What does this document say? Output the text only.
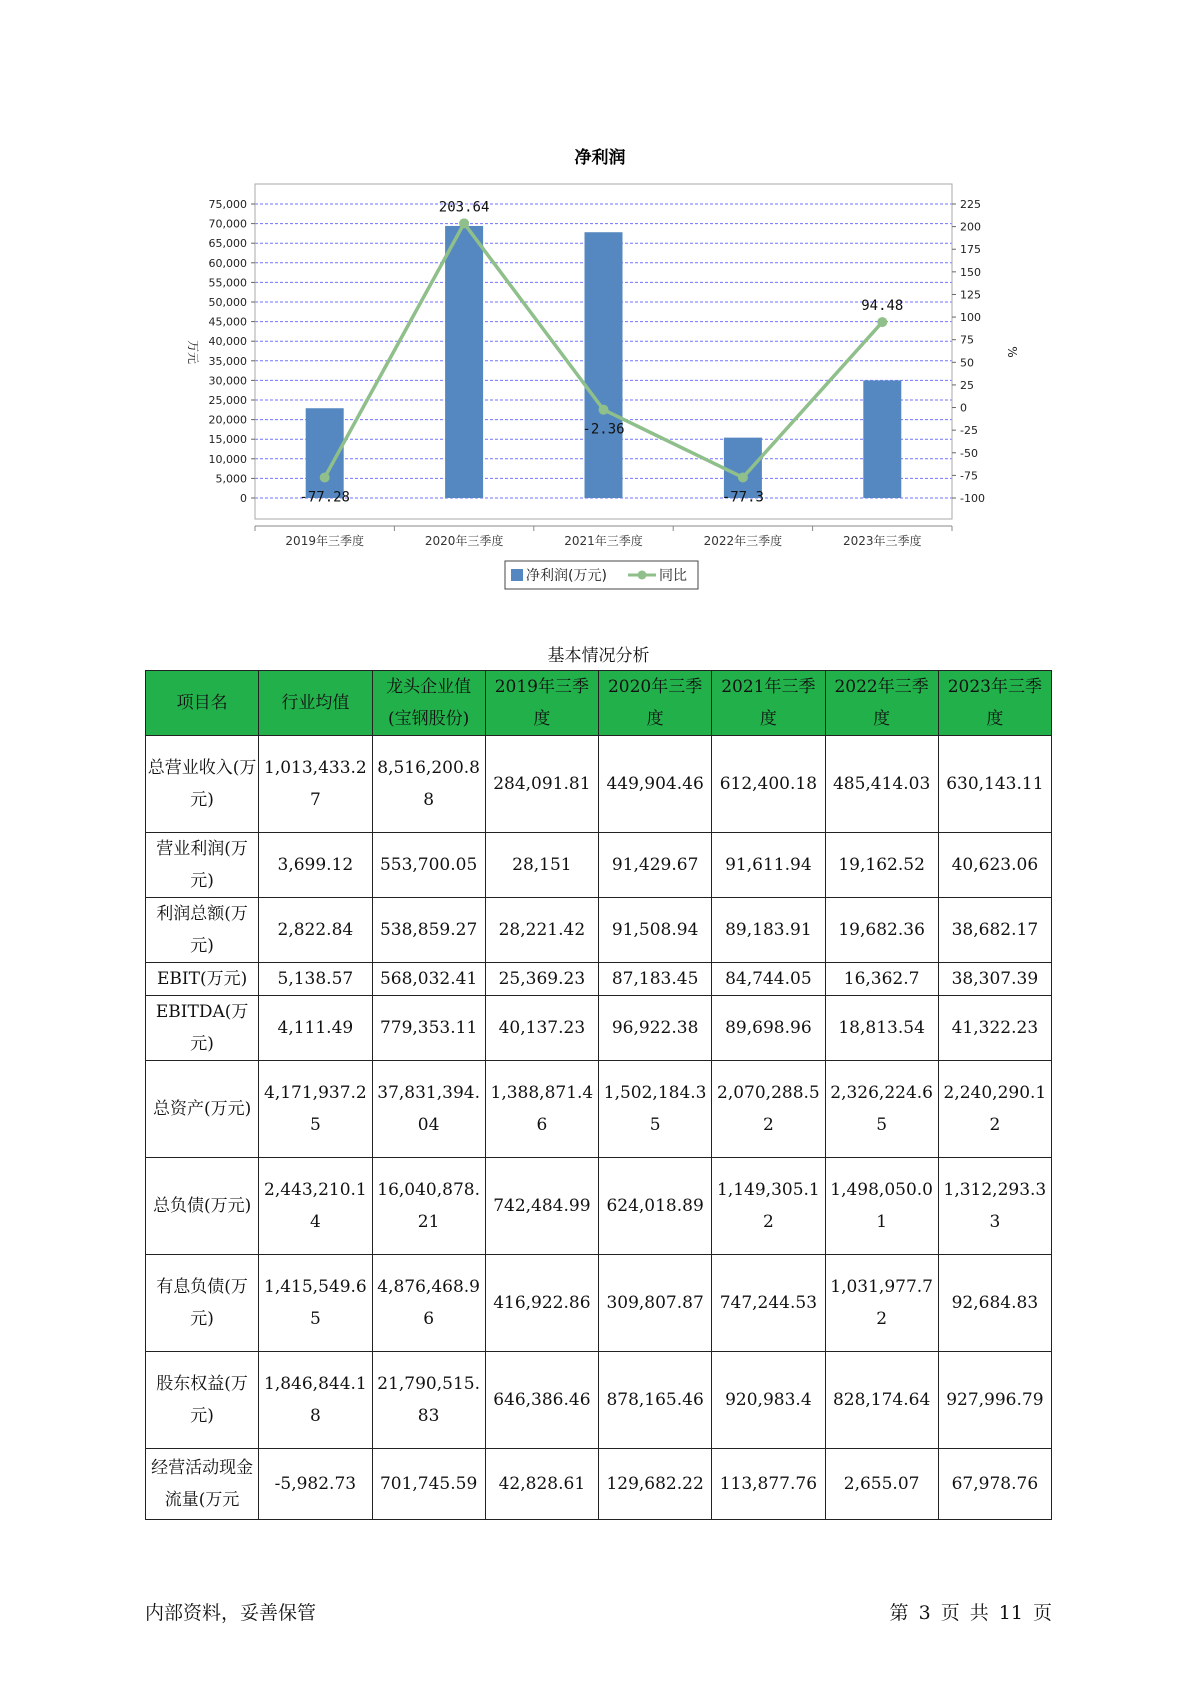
净利润
0
5,000
10,000
15,000
20,000
25,000
30,000
35,000
40,000
45,000
50,000
55,000
60,000
65,000
70,000
75,000
-100
-75
-50
-25
0
25
50
75
100
125
150
175
200
225
2019年三季度	2020年三季度	2021年三季度	2022年三季度	2023年三季度
-77.28
203.64
-2.36
-77.3
94.48
万元	%
净利润(万元)	同比
基本情况分析
项目名	行业均值	龙头企业值(宝钢股份)	2019年三季度	2020年三季度	2021年三季度	2022年三季度	2023年三季度
总营业收入(万元)	1,013,433.27	8,516,200.88	284,091.81	449,904.46	612,400.18	485,414.03	630,143.11
营业利润(万元)	3,699.12	553,700.05	28,151	91,429.67	91,611.94	19,162.52	40,623.06
利润总额(万元)	2,822.84	538,859.27	28,221.42	91,508.94	89,183.91	19,682.36	38,682.17
EBIT(万元)	5,138.57	568,032.41	25,369.23	87,183.45	84,744.05	16,362.7	38,307.39
EBITDA(万元)	4,111.49	779,353.11	40,137.23	96,922.38	89,698.96	18,813.54	41,322.23
总资产(万元)	4,171,937.25	37,831,394.04	1,388,871.46	1,502,184.35	2,070,288.52	2,326,224.65	2,240,290.12
总负债(万元)	2,443,210.14	16,040,878.21	742,484.99	624,018.89	1,149,305.12	1,498,050.01	1,312,293.33
有息负债(万元)	1,415,549.65	4,876,468.96	416,922.86	309,807.87	747,244.53	1,031,977.72	92,684.83
股东权益(万元)	1,846,844.18	21,790,515.83	646,386.46	878,165.46	920,983.4	828,174.64	927,996.79
经营活动现金流量(万元	-5,982.73	701,745.59	42,828.61	129,682.22	113,877.76	2,655.07	67,978.76
内部资料，妥善保管	第 3 页 共 11 页
